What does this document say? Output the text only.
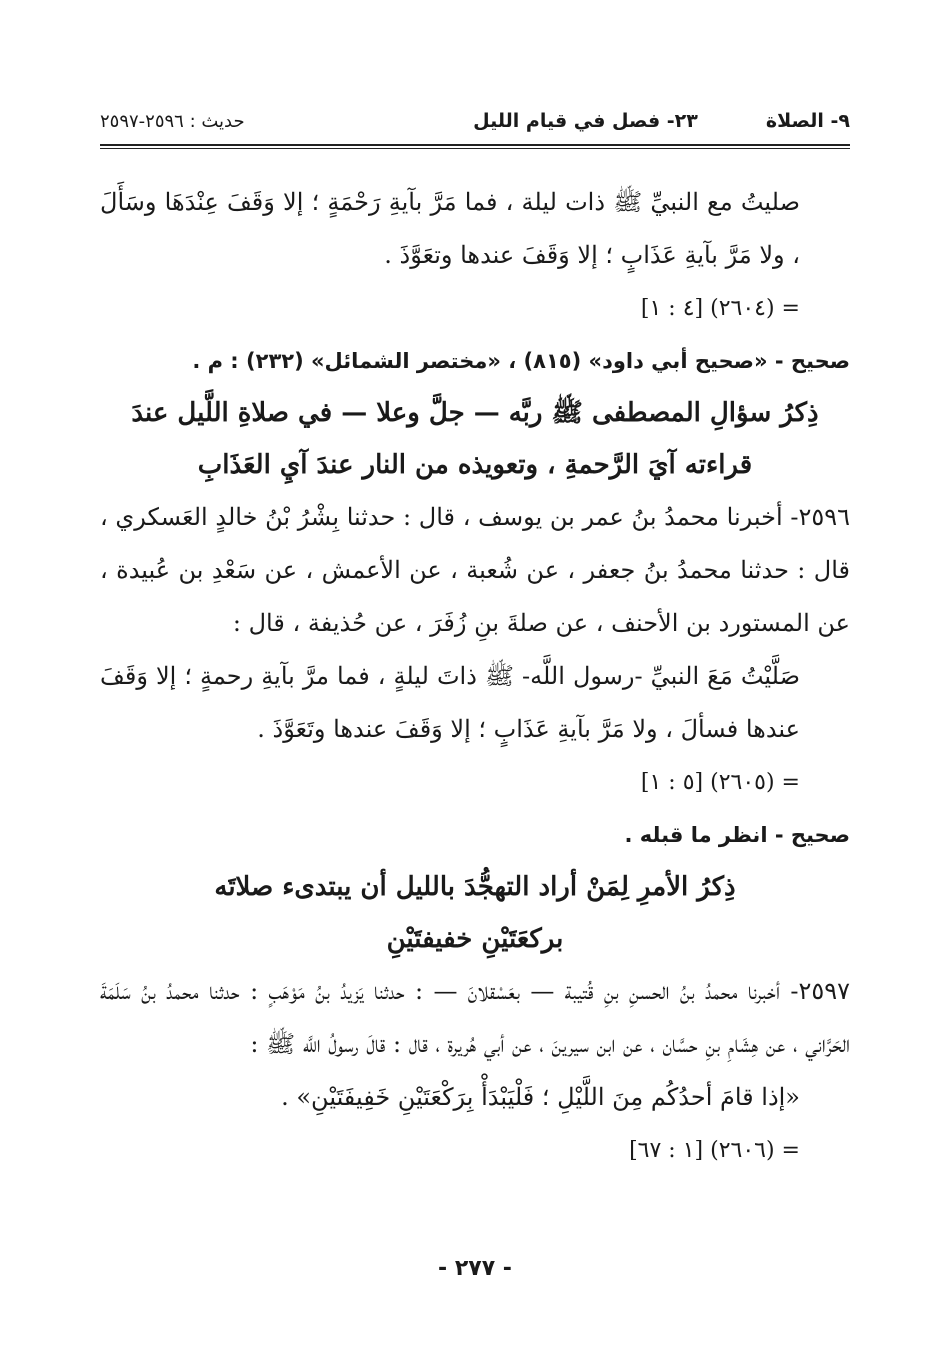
٩- الصلاة
٢٣- فصل في قيام الليل
حديث : ٢٥٩٦-٢٥٩٧

صليتُ مع النبيِّ ﷺ ذات ليلة ، فما مَرَّ بآيةِ رَحْمَةٍ ؛ إلا وَقَفَ عِنْدَهَا وسَأَلَ ، ولا مَرَّ بآيةِ عَذَابٍ ؛ إلا وَقَفَ عندها وتعَوَّذَ .

= (٢٦٠٤) [٤ : ١]

صحيح - «صحيح أبي داود» (٨١٥) ، «مختصر الشمائل» (٢٣٢) : م .

ذِكرُ سؤالِ المصطفى ﷺ ربَّه — جلَّ وعلا — في صلاةِ اللَّيل عندَ
قراءته آيَ الرَّحمةِ ، وتعويذه من النار عندَ آيِ العَذَابِ

٢٥٩٦- أخبرنا محمدُ بنُ عمر بن يوسف ، قال : حدثنا بِشْرُ بْنُ خالدٍ العَسكري ، قال : حدثنا محمدُ بنُ جعفر ، عن شُعبة ، عن الأعمش ، عن سَعْدِ بن عُبيدة ، عن المستورد بن الأحنف ، عن صلةَ بنِ زُفَرَ ، عن حُذيفة ، قال :

صَلَّيْتُ مَعَ النبيِّ -رسول اللَّه- ﷺ ذاتَ ليلةٍ ، فما مرَّ بآيةِ رحمةٍ ؛ إلا وَقَفَ عندها فسألَ ، ولا مَرَّ بآيةِ عَذَابٍ ؛ إلا وَقَفَ عندها وتَعَوَّذَ .

= (٢٦٠٥) [٥ : ١]

صحيح - انظر ما قبله .

ذِكرُ الأمرِ لِمَنْ أراد التهجُّدَ بالليل أن يبتدىء صلاتَه
بركعَتَيْنِ خفيفتَيْنِ

٢٥٩٧- أخبرنا محمدُ بنُ الحسنِ بنِ قُتيبة — بعَسْقلانَ — : حدثنا يَزيدُ بنُ مَوْهَبٍ : حدثنا محمدُ بنُ سَلَمَةَ الحَرَّاني ، عن هِشَامِ بنِ حسَّان ، عن ابن سيرينَ ، عن أبي هُريرة ، قال : قالَ رسولُ اللَّه ﷺ :

«إذا قامَ أحدُكُم مِنَ اللَّيْلِ ؛ فَلْيَبْدَأْ بِرَكْعَتَيْنِ خَفِيفَتَيْنِ» .

= (٢٦٠٦) [١ : ٦٧]

- ٢٧٧ -
